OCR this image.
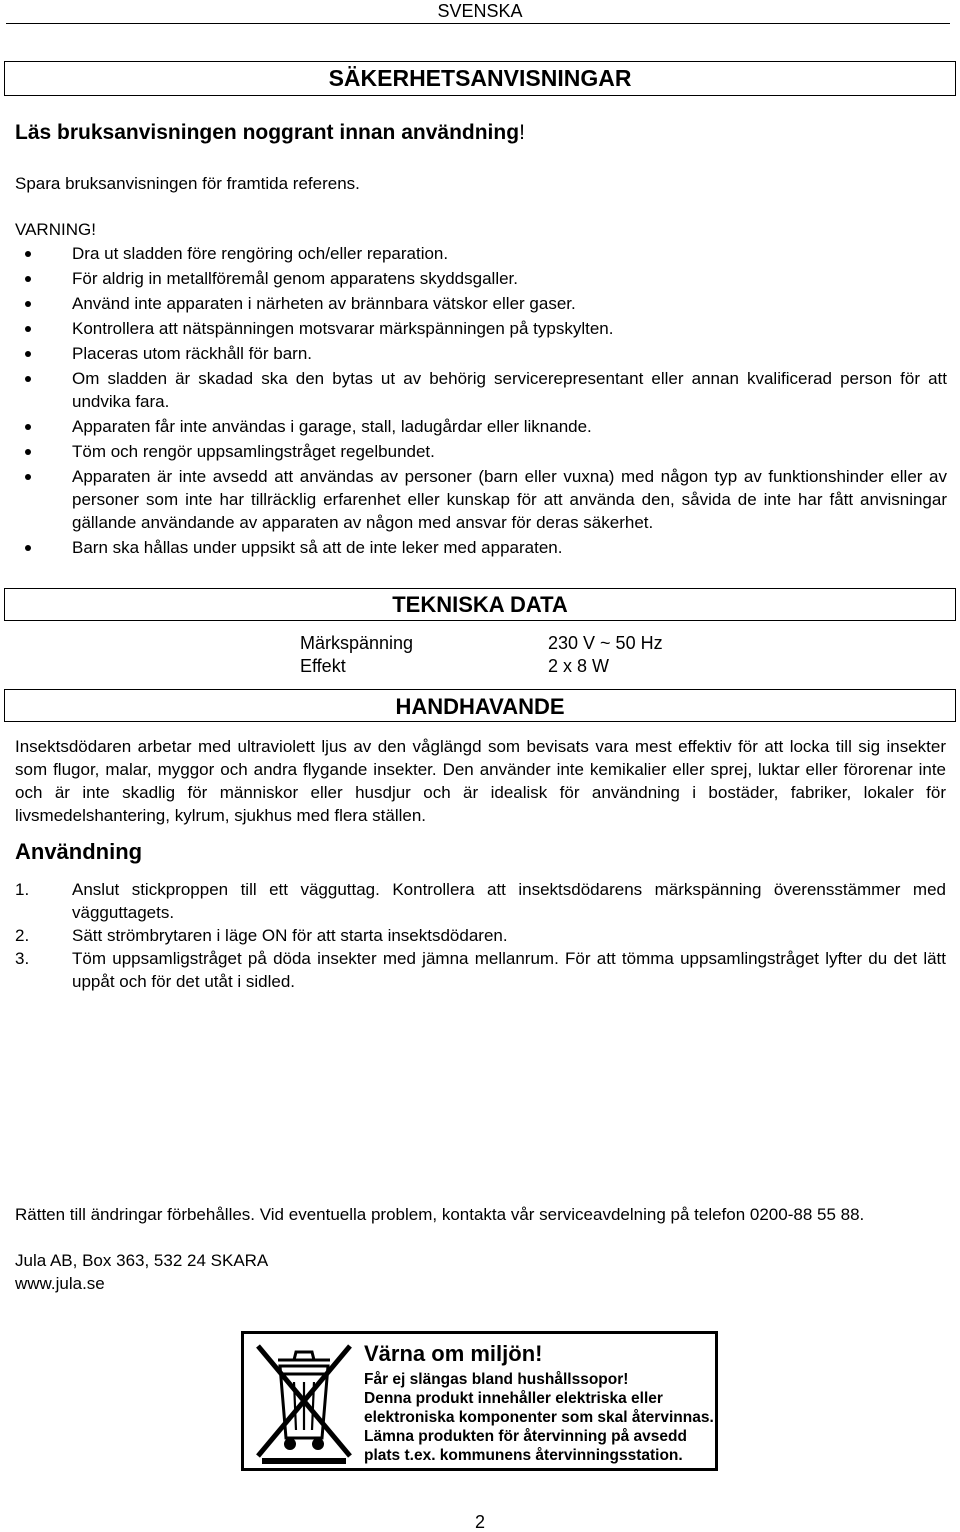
SVENSKA
SÄKERHETSANVISNINGAR
Läs bruksanvisningen noggrant innan användning!
Spara bruksanvisningen för framtida referens.
VARNING!
Dra ut sladden före rengöring och/eller reparation.
För aldrig in metallföremål genom apparatens skyddsgaller.
Använd inte apparaten i närheten av brännbara vätskor eller gaser.
Kontrollera att nätspänningen motsvarar märkspänningen på typskylten.
Placeras utom räckhåll för barn.
Om sladden är skadad ska den bytas ut av behörig servicerepresentant eller annan kvalificerad person för att undvika fara.
Apparaten får inte användas i garage, stall, ladugårdar eller liknande.
Töm och rengör uppsamlingstråget regelbundet.
Apparaten är inte avsedd att användas av personer (barn eller vuxna) med någon typ av funktionshinder eller av personer som inte har tillräcklig erfarenhet eller kunskap för att använda den, såvida de inte har fått anvisningar gällande användande av apparaten av någon med ansvar för deras säkerhet.
Barn ska hållas under uppsikt så att de inte leker med apparaten.
TEKNISKA DATA
Märkspänning	230 V ~ 50 Hz
Effekt	2 x 8 W
HANDHAVANDE
Insektsdödaren arbetar med ultraviolett ljus av den våglängd som bevisats vara mest effektiv för att locka till sig insekter som flugor, malar, myggor och andra flygande insekter. Den använder inte kemikalier eller sprej, luktar eller förorenar inte och är inte skadlig för människor eller husdjur och är idealisk för användning i bostäder, fabriker, lokaler för livsmedelshantering, kylrum, sjukhus med flera ställen.
Användning
1.	Anslut stickproppen till ett vägguttag. Kontrollera att insektsdödarens märkspänning överensstämmer med vägguttagets.
2.	Sätt strömbrytaren i läge ON för att starta insektsdödaren.
3.	Töm uppsamligstråget på döda insekter med jämna mellanrum. För att tömma uppsamlingstråget lyfter du det lätt uppåt och för det utåt i sidled.
Rätten till ändringar förbehålles. Vid eventuella problem, kontakta vår serviceavdelning på telefon 0200-88 55 88.
Jula AB, Box 363, 532 24 SKARA
www.jula.se
Värna om miljön!
Får ej slängas bland hushållssopor!
Denna produkt innehåller elektriska eller
elektroniska komponenter som skal återvinnas.
Lämna produkten för återvinning på avsedd
plats t.ex. kommunens återvinningsstation.
2
